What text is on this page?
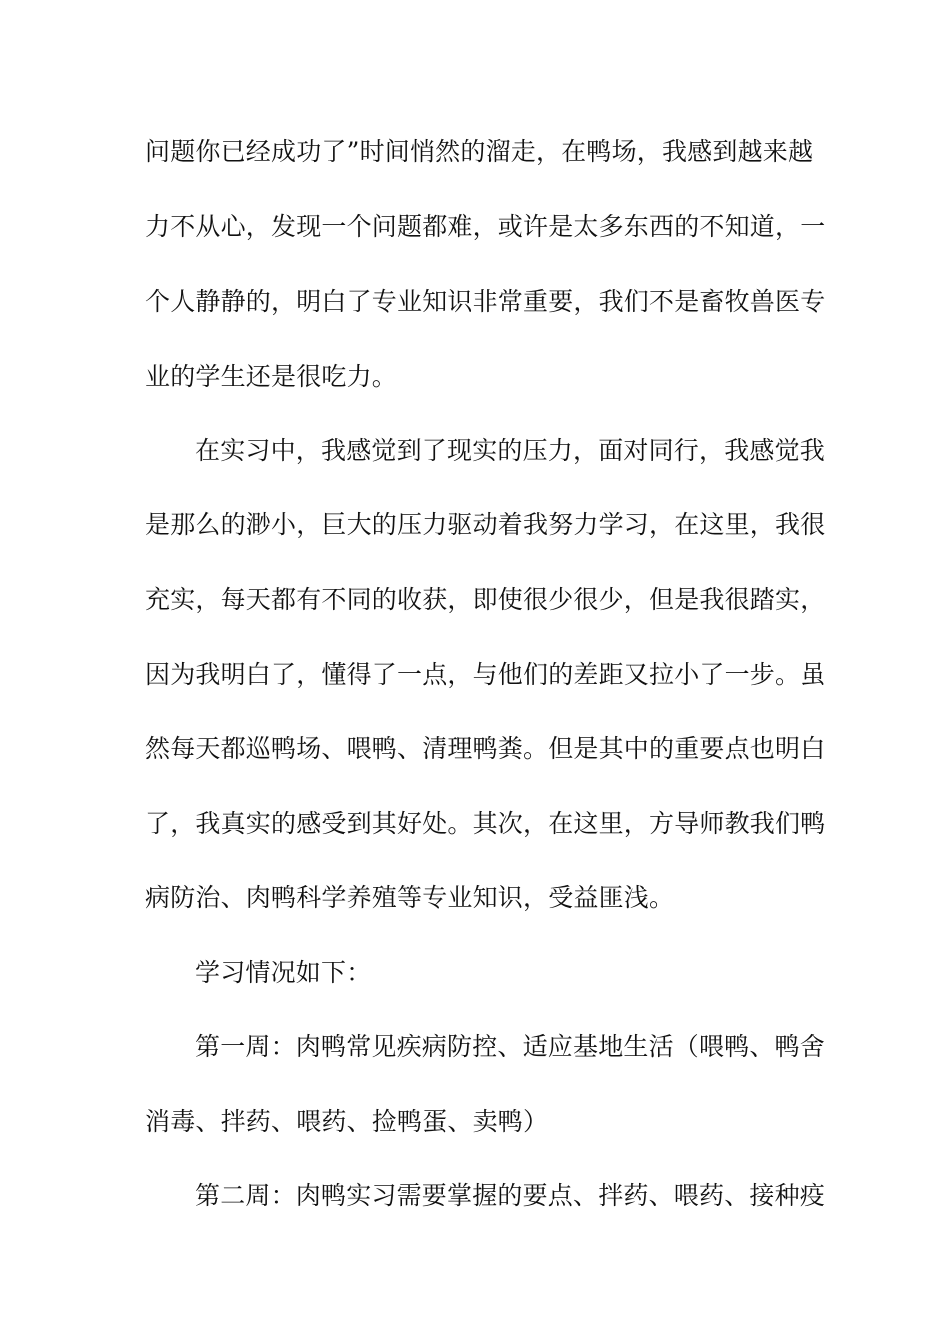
问题你已经成功了”时间悄然的溜走，在鸭场，我感到越来越
力不从心，发现一个问题都难，或许是太多东西的不知道，一
个人静静的，明白了专业知识非常重要，我们不是畜牧兽医专
业的学生还是很吃力。
在实习中，我感觉到了现实的压力，面对同行，我感觉我
是那么的渺小，巨大的压力驱动着我努力学习，在这里，我很
充实，每天都有不同的收获，即使很少很少，但是我很踏实，
因为我明白了，懂得了一点，与他们的差距又拉小了一步。虽
然每天都巡鸭场、喂鸭、清理鸭粪。但是其中的重要点也明白
了，我真实的感受到其好处。其次，在这里，方导师教我们鸭
病防治、肉鸭科学养殖等专业知识，受益匪浅。
学习情况如下：
第一周：肉鸭常见疾病防控、适应基地生活（喂鸭、鸭舍
消毒、拌药、喂药、捡鸭蛋、卖鸭）
第二周：肉鸭实习需要掌握的要点、拌药、喂药、接种疫
